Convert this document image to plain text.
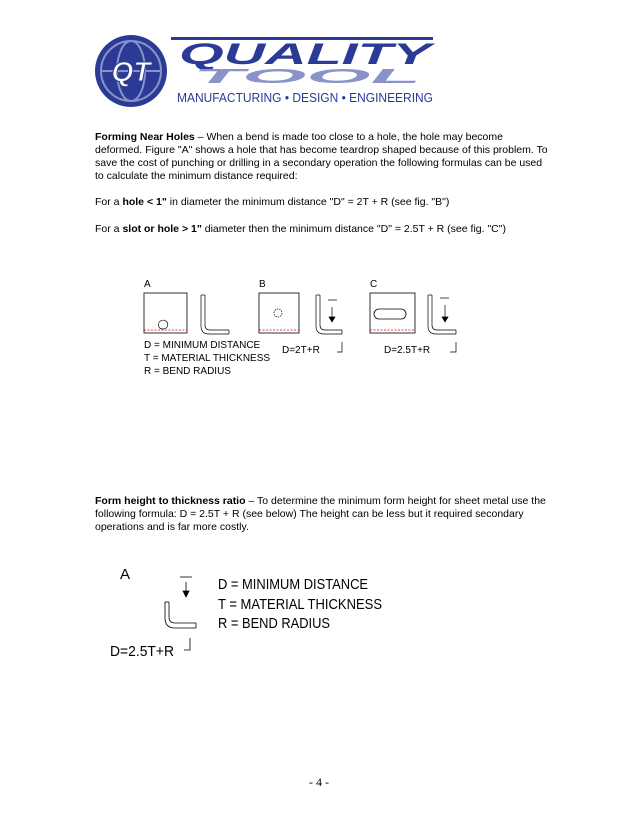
QT
QUALITY
TOOL
MANUFACTURING • DESIGN • ENGINEERING
Forming Near Holes – When a bend is made too close to a hole, the hole may become deformed. Figure "A" shows a hole that has become teardrop shaped because of this problem. To save the cost of punching or drilling in a secondary operation the following formulas can be used to calculate the minimum distance required:
For a hole < 1" in diameter the minimum distance "D" = 2T + R (see fig. "B")
For a slot or hole > 1" diameter then the minimum distance "D" = 2.5T + R (see fig. "C")
A	B
D=2T+R
C
D=2.5T+R
D = MINIMUM DISTANCE
T = MATERIAL THICKNESS
R = BEND RADIUS
Form height to thickness ratio – To determine the minimum form height for sheet metal use the following formula: D = 2.5T + R (see below) The height can be less but it required secondary operations and is far more costly.
A
D=2.5T+R
D = MINIMUM DISTANCE
T = MATERIAL THICKNESS
R = BEND RADIUS
- 4 -
